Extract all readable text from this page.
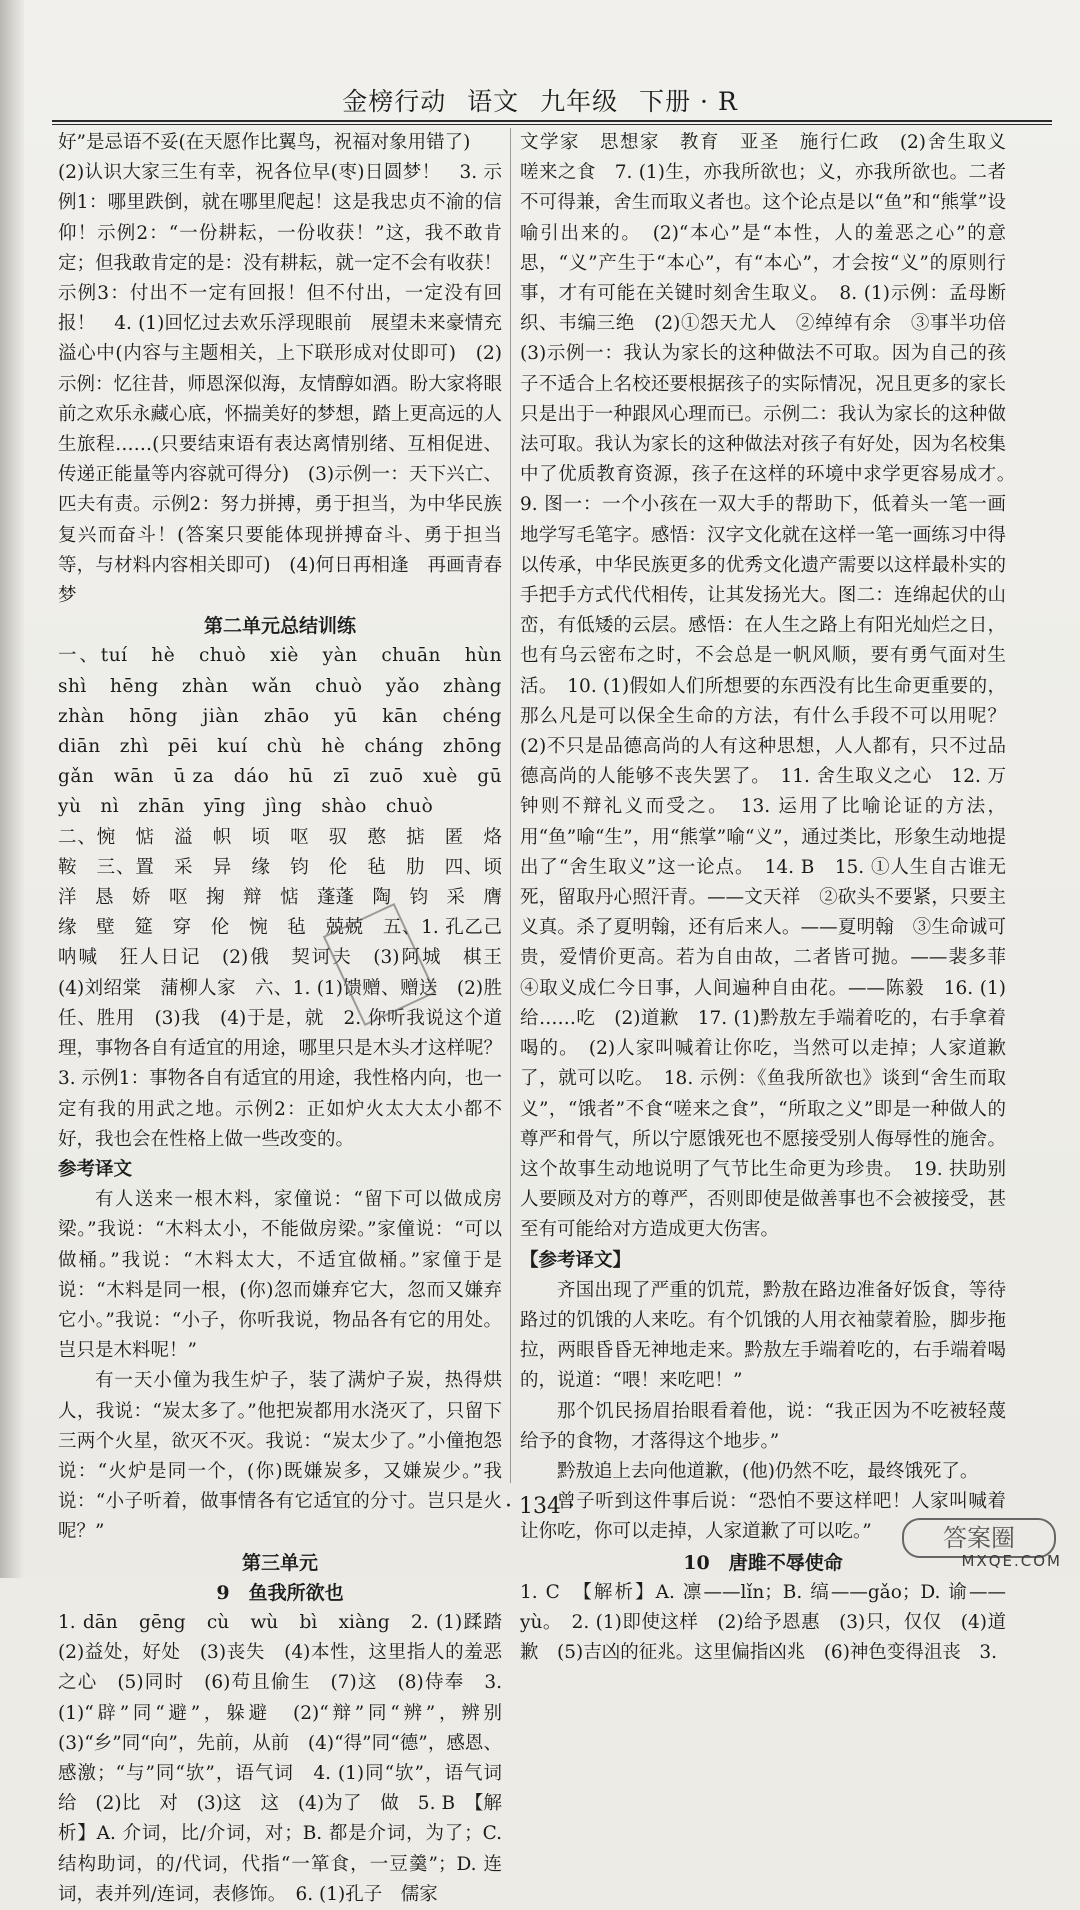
金榜行动 语文 九年级 下册 · R

好”是忌语不妥(在天愿作比翼鸟，祝福对象用错了)

(2)认识大家三生有幸，祝各位早(枣)日圆梦！　3. 示例1：哪里跌倒，就在哪里爬起！这是我忠贞不渝的信仰！示例2：“一份耕耘，一份收获！”这，我不敢肯定；但我敢肯定的是：没有耕耘，就一定不会有收获！　示例3：付出不一定有回报！但不付出，一定没有回报！　4. (1)回忆过去欢乐浮现眼前　展望未来豪情充溢心中(内容与主题相关，上下联形成对仗即可)　(2)示例：忆往昔，师恩深似海，友情醇如酒。盼大家将眼前之欢乐永藏心底，怀揣美好的梦想，踏上更高远的人生旅程……(只要结束语有表达离情别绪、互相促进、传递正能量等内容就可得分)　(3)示例一：天下兴亡、匹夫有责。示例2：努力拼搏，勇于担当，为中华民族复兴而奋斗！(答案只要能体现拼搏奋斗、勇于担当等，与材料内容相关即可)　(4)何日再相逢　再画青春梦

第二单元总结训练

一、tuí　hè　chuò　xiè　yàn　chuān　hùn　shì　hēng　zhàn　wǎn　chuò　yǎo　zhàng　zhàn　hōng　jiàn　zhāo　yū　kān　chéng　diān　zhì　pēi　kuí　chù　hè　cháng　zhōng　gǎn　wān　ū za　dáo　hū　zī　zuō　xuè　gū　yù　nì　zhān　yīng　jìng　shào　chuò

二、惋　惦　溢　帜　顷　呕　驭　憨　掂　匿　烙　鞍　三、置　采　异　缘　钧　伦　毡　肋　四、顷　洋　恳　娇　呕　掬　辩　惦　蓬蓬　陶　钧　采　膺　缘　壁　筵　穿　伦　惋　毡　兢兢　五、1. 孔乙己　呐喊　狂人日记　(2)俄　契诃夫　(3)阿城　棋王　(4)刘绍棠　蒲柳人家　六、1. (1)馈赠、赠送　(2)胜任、胜用　(3)我　(4)于是，就　2. 你听我说这个道理，事物各自有适宜的用途，哪里只是木头才这样呢？　3. 示例1：事物各自有适宜的用途，我性格内向，也一定有我的用武之地。示例2：正如炉火太大太小都不好，我也会在性格上做一些改变的。

参考译文

有人送来一根木料，家僮说：“留下可以做成房梁。”我说：“木料太小，不能做房梁。”家僮说：“可以做桶。”我说：“木料太大，不适宜做桶。”家僮于是说：“木料是同一根，(你)忽而嫌弃它大，忽而又嫌弃它小。”我说：“小子，你听我说，物品各有它的用处。岂只是木料呢！”

有一天小僮为我生炉子，装了满炉子炭，热得烘人，我说：“炭太多了。”他把炭都用水浇灭了，只留下三两个火星，欲灭不灭。我说：“炭太少了。”小僮抱怨说：“火炉是同一个，(你)既嫌炭多，又嫌炭少。”我说：“小子听着，做事情各有它适宜的分寸。岂只是火呢？”

第三单元

9　鱼我所欲也

1. dān　gēng　cù　wù　bì　xiàng　2. (1)蹂踏　(2)益处，好处　(3)丧失　(4)本性，这里指人的羞恶之心　(5)同时　(6)苟且偷生　(7)这　(8)侍奉　3. (1)“辟”同“避”，躲避　(2)“辩”同“辨”，辨别　(3)“乡”同“向”，先前，从前　(4)“得”同“德”，感恩、感激；“与”同“欤”，语气词　4. (1)同“欤”，语气词　给　(2)比　对　(3)这　这　(4)为了　做　5. B　【解析】A. 介词，比/介词，对；B. 都是介词，为了；C. 结构助词，的/代词，代指“一箪食，一豆羹”；D. 连词，表并列/连词，表修饰。　6. (1)孔子　儒家

文学家　思想家　教育　亚圣　施行仁政　(2)舍生取义　嗟来之食　7. (1)生，亦我所欲也；义，亦我所欲也。二者不可得兼，舍生而取义者也。这个论点是以“鱼”和“熊掌”设喻引出来的。　(2)“本心”是“本性，人的羞恶之心”的意思，“义”产生于“本心”，有“本心”，才会按“义”的原则行事，才有可能在关键时刻舍生取义。　8. (1)示例：孟母断织、韦编三绝　(2)①怨天尤人　②绰绰有余　③事半功倍　(3)示例一：我认为家长的这种做法不可取。因为自己的孩子不适合上名校还要根据孩子的实际情况，况且更多的家长只是出于一种跟风心理而已。示例二：我认为家长的这种做法可取。我认为家长的这种做法对孩子有好处，因为名校集中了优质教育资源，孩子在这样的环境中求学更容易成才。　9. 图一：一个小孩在一双大手的帮助下，低着头一笔一画地学写毛笔字。感悟：汉字文化就在这样一笔一画练习中得以传承，中华民族更多的优秀文化遗产需要以这样最朴实的手把手方式代代相传，让其发扬光大。图二：连绵起伏的山峦，有低矮的云层。感悟：在人生之路上有阳光灿烂之日，也有乌云密布之时，不会总是一帆风顺，要有勇气面对生活。　10. (1)假如人们所想要的东西没有比生命更重要的，那么凡是可以保全生命的方法，有什么手段不可以用呢？　(2)不只是品德高尚的人有这种思想，人人都有，只不过品德高尚的人能够不丧失罢了。　11. 舍生取义之心　12. 万钟则不辩礼义而受之。　13. 运用了比喻论证的方法，用“鱼”喻“生”，用“熊掌”喻“义”，通过类比，形象生动地提出了“舍生取义”这一论点。　14. B　15. ①人生自古谁无死，留取丹心照汗青。——文天祥　②砍头不要紧，只要主义真。杀了夏明翰，还有后来人。——夏明翰　③生命诚可贵，爱情价更高。若为自由故，二者皆可抛。——裴多菲　④取义成仁今日事，人间遍种自由花。——陈毅　16. (1)给……吃　(2)道歉　17. (1)黔敖左手端着吃的，右手拿着喝的。　(2)人家叫喊着让你吃，当然可以走掉；人家道歉了，就可以吃。　18. 示例：《鱼我所欲也》谈到“舍生而取义”，“饿者”不食“嗟来之食”，“所取之义”即是一种做人的尊严和骨气，所以宁愿饿死也不愿接受别人侮辱性的施舍。这个故事生动地说明了气节比生命更为珍贵。　19. 扶助别人要顾及对方的尊严，否则即使是做善事也不会被接受，甚至有可能给对方造成更大伤害。

【参考译文】

齐国出现了严重的饥荒，黔敖在路边准备好饭食，等待路过的饥饿的人来吃。有个饥饿的人用衣袖蒙着脸，脚步拖拉，两眼昏昏无神地走来。黔敖左手端着吃的，右手端着喝的，说道：“喂！来吃吧！”

那个饥民扬眉抬眼看着他，说：“我正因为不吃被轻蔑给予的食物，才落得这个地步。”

黔敖追上去向他道歉，(他)仍然不吃，最终饿死了。

曾子听到这件事后说：“恐怕不要这样吧！人家叫喊着让你吃，你可以走掉，人家道歉了可以吃。”

10　唐雎不辱使命

1. C　【解析】A. 凛——lǐn；B. 缟——gǎo；D. 谕——yù。　2. (1)即使这样　(2)给予恩惠　(3)只，仅仅　(4)道歉　(5)吉凶的征兆。这里偏指凶兆　(6)神色变得沮丧　3.

· 134 ·
答案圈
MXQE.COM
